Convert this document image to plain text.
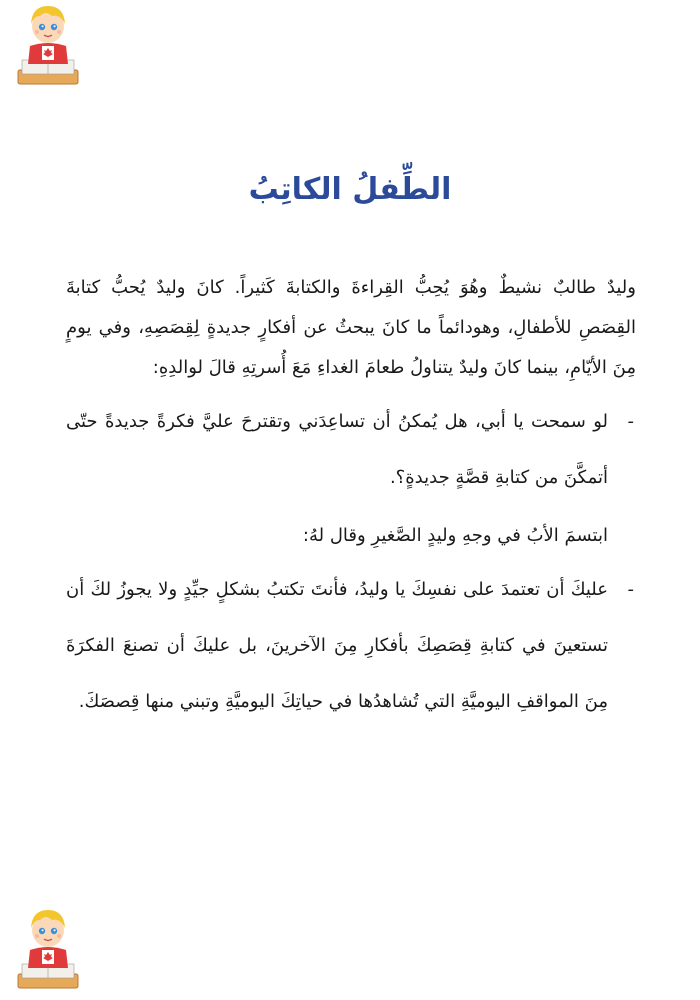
الطِّفلُ الكاتِبُ

وليدٌ طالبٌ نشيطٌ وهُوَ يُحِبُّ القِراءةَ والكتابةَ كَثيراً. كانَ وليدٌ يُحبُّ كتابةَ القِصَصِ للأطفالِ، وهودائماً ما كانَ يبحثُ عن أفكارٍ جديدةٍ لِقِصَصِهِ، وفي يومٍ مِنَ الأيّامِ، بينما كانَ وليدٌ يتناولُ طعامَ الغداءِ مَعَ أُسرتِهِ قالَ لوالدِهِ:

-
لو سمحت يا أبي، هل يُمكنُ أن تساعِدَني وتقترحَ عليَّ فكرةً جديدةً حتّى أتمكَّنَ من كتابةِ قصَّةٍ جديدةٍ؟.

ابتسمَ الأبُ في وجهِ وليدٍ الصَّغيرِ وقال لهُ:

-
عليكَ أن تعتمدَ على نفسِكَ يا وليدُ، فأنتَ تكتبُ بشكلٍ جيِّدٍ ولا يجوزُ لكَ أن تستعينَ في كتابةِ قِصَصِكَ بأفكارِ مِنَ الآخرينَ، بل عليكَ أن تصنعَ الفكرَةَ مِنَ المواقفِ اليوميَّةِ التي تُشاهدُها في حياتِكَ اليوميَّةِ وتبني منها قِصصَكَ.
